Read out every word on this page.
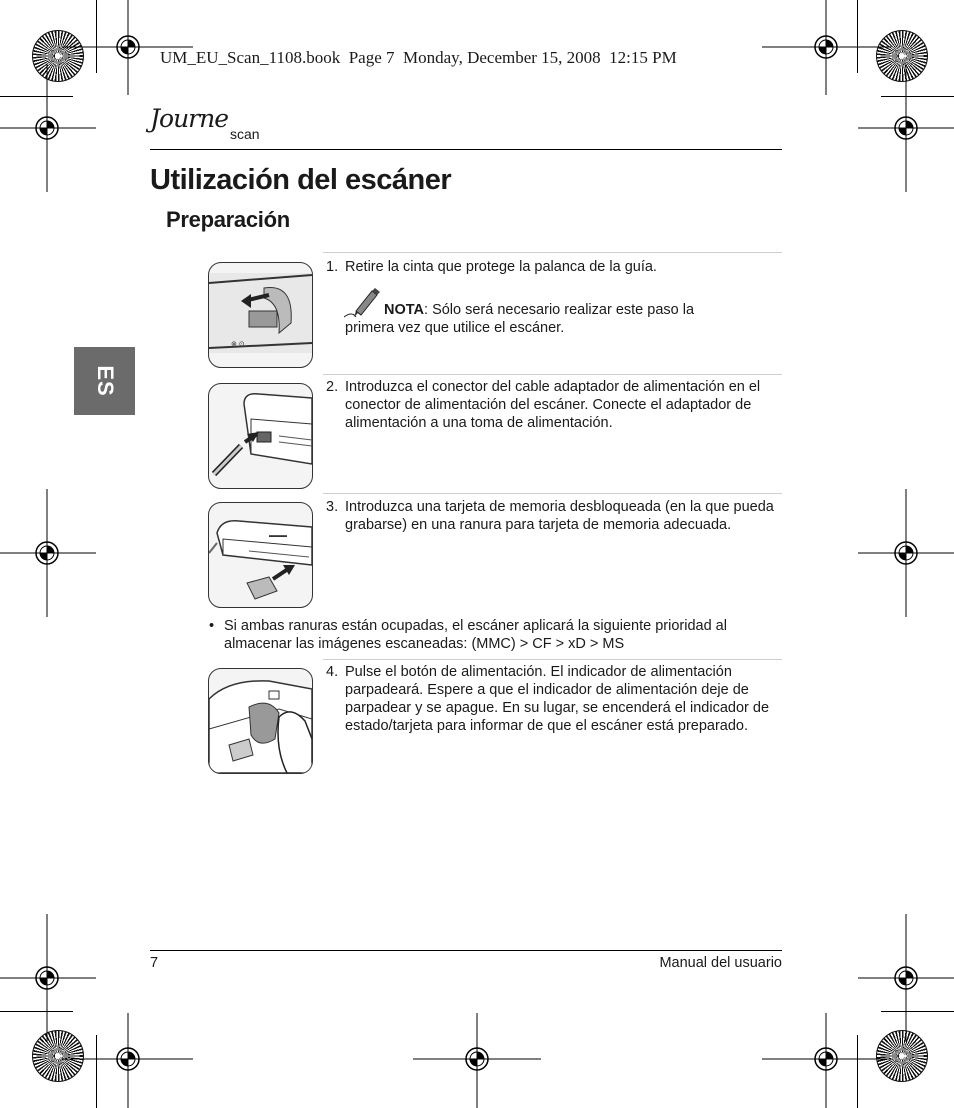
UM_EU_Scan_1108.book  Page 7  Monday, December 15, 2008  12:15 PM
Journe
scan
Utilización del escáner
Preparación
ES
⊗ ⊙
1. Retire la cinta que protege la palanca de la guía.
NOTA: Sólo será necesario realizar este paso la
primera vez que utilice el escáner.
2. Introduzca el conector del cable adaptador de alimentación en el conector de alimentación del escáner. Conecte el adaptador de alimentación a una toma de alimentación.
▬▬▬
3. Introduzca una tarjeta de memoria desbloqueada (en la que pueda grabarse) en una ranura para tarjeta de memoria adecuada.
• Si ambas ranuras están ocupadas, el escáner aplicará la siguiente prioridad al almacenar las imágenes escaneadas: (MMC) > CF > xD > MS
4. Pulse el botón de alimentación. El indicador de alimentación parpadeará. Espere a que el indicador de alimentación deje de parpadear y se apague. En su lugar, se encenderá el indicador de estado/tarjeta para informar de que el escáner está preparado.
7	Manual del usuario
